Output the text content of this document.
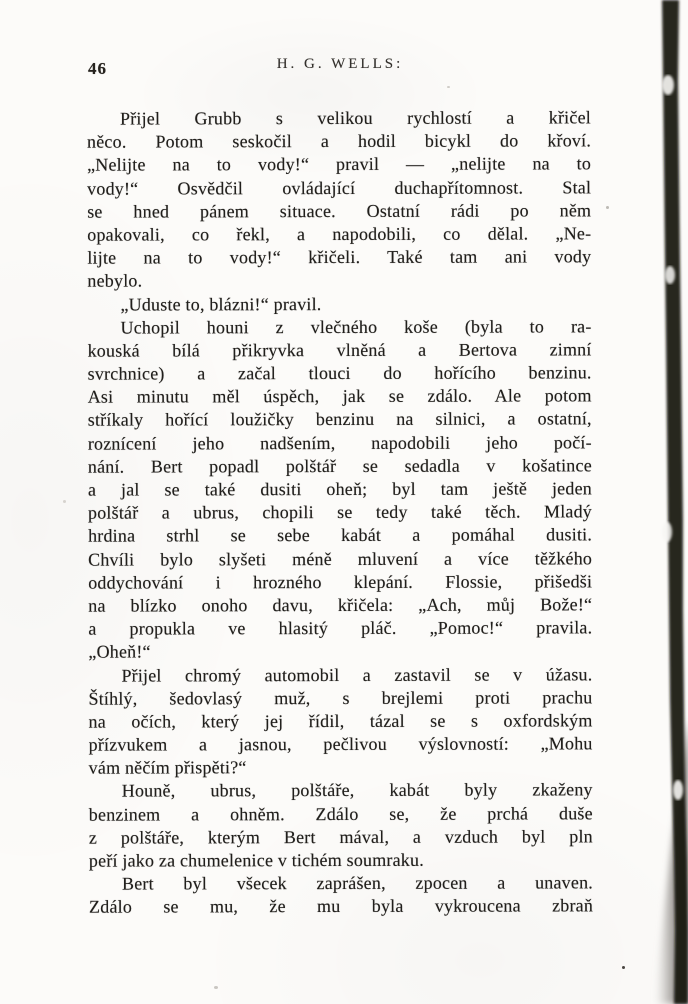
46	H. G. WELLS:
Přijel Grubb s velikou rychlostí a křičel
něco. Potom seskočil a hodil bicykl do křoví.
„Nelijte na to vody!“ pravil — „nelijte na to
vody!“ Osvědčil ovládající duchapřítomnost. Stal
se hned pánem situace. Ostatní rádi po něm
opakovali, co řekl, a napodobili, co dělal. „Ne-
lijte na to vody!“ křičeli. Také tam ani vody
nebylo.
„Uduste to, blázni!“ pravil.
Uchopil houni z vlečného koše (byla to ra-
kouská bílá přikryvka vlněná a Bertova zimní
svrchnice) a začal tlouci do hořícího benzinu.
Asi minutu měl úspěch, jak se zdálo. Ale potom
stříkaly hořící loužičky benzinu na silnici, a ostatní,
roznícení jeho nadšením, napodobili jeho počí-
nání. Bert popadl polštář se sedadla v košatince
a jal se také dusiti oheň; byl tam ještě jeden
polštář a ubrus, chopili se tedy také těch. Mladý
hrdina strhl se sebe kabát a pomáhal dusiti.
Chvíli bylo slyšeti méně mluvení a více těžkého
oddychování i hrozného klepání. Flossie, přišedši
na blízko onoho davu, křičela: „Ach, můj Bože!“
a propukla ve hlasitý pláč. „Pomoc!“ pravila.
„Oheň!“
Přijel chromý automobil a zastavil se v úžasu.
Štíhlý, šedovlasý muž, s brejlemi proti prachu
na očích, který jej řídil, tázal se s oxfordským
přízvukem a jasnou, pečlivou výslovností: „Mohu
vám něčím přispěti?“
Houně, ubrus, polštáře, kabát byly zkaženy
benzinem a ohněm. Zdálo se, že prchá duše
z polštáře, kterým Bert mával, a vzduch byl pln
peří jako za chumelenice v tichém soumraku.
Bert byl všecek zaprášen, zpocen a unaven.
Zdálo se mu, že mu byla vykroucena zbraň
